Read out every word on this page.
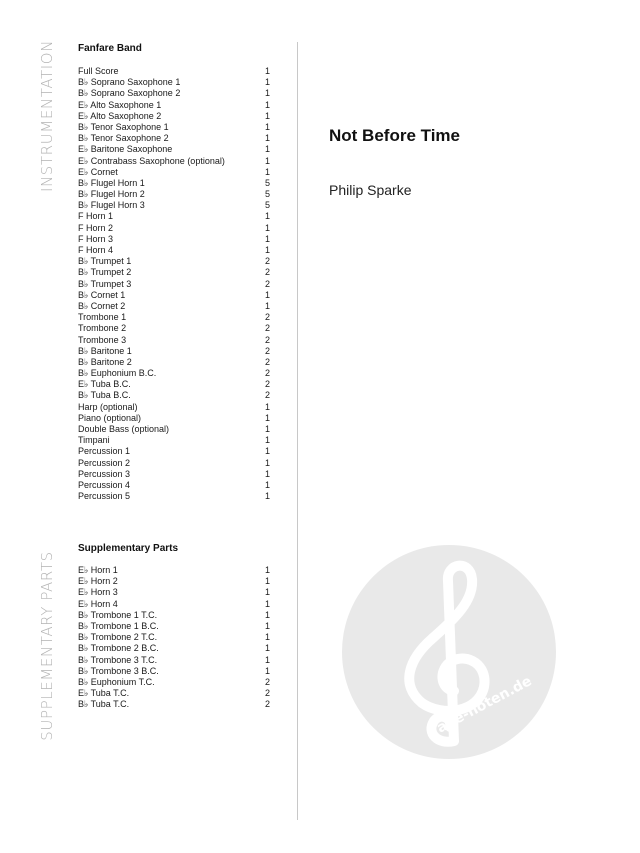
INSTRUMENTATION
SUPPLEMENTARY PARTS
Fanfare Band
Full Score	1
B♭ Soprano Saxophone 1	1
B♭ Soprano Saxophone 2	1
E♭ Alto Saxophone 1	1
E♭ Alto Saxophone 2	1
B♭ Tenor Saxophone 1	1
B♭ Tenor Saxophone 2	1
E♭ Baritone Saxophone	1
E♭ Contrabass Saxophone (optional)	1
E♭ Cornet	1
B♭ Flugel Horn 1	5
B♭ Flugel Horn 2	5
B♭ Flugel Horn 3	5
F Horn 1	1
F Horn 2	1
F Horn 3	1
F Horn 4	1
B♭ Trumpet 1	2
B♭ Trumpet 2	2
B♭ Trumpet 3	2
B♭ Cornet 1	1
B♭ Cornet 2	1
Trombone 1	2
Trombone 2	2
Trombone 3	2
B♭ Baritone 1	2
B♭ Baritone 2	2
B♭ Euphonium B.C.	2
E♭ Tuba B.C.	2
B♭ Tuba B.C.	2
Harp (optional)	1
Piano (optional)	1
Double Bass (optional)	1
Timpani	1
Percussion 1	1
Percussion 2	1
Percussion 3	1
Percussion 4	1
Percussion 5	1
Supplementary Parts
E♭ Horn 1	1
E♭ Horn 2	1
E♭ Horn 3	1
E♭ Horn 4	1
B♭ Trombone 1 T.C.	1
B♭ Trombone 1 B.C.	1
B♭ Trombone 2 T.C.	1
B♭ Trombone 2 B.C.	1
B♭ Trombone 3 T.C.	1
B♭ Trombone 3 B.C.	1
B♭ Euphonium T.C.	2
E♭ Tuba T.C.	2
B♭ Tuba T.C.	2
Not Before Time
Philip Sparke
alle-noten.de
